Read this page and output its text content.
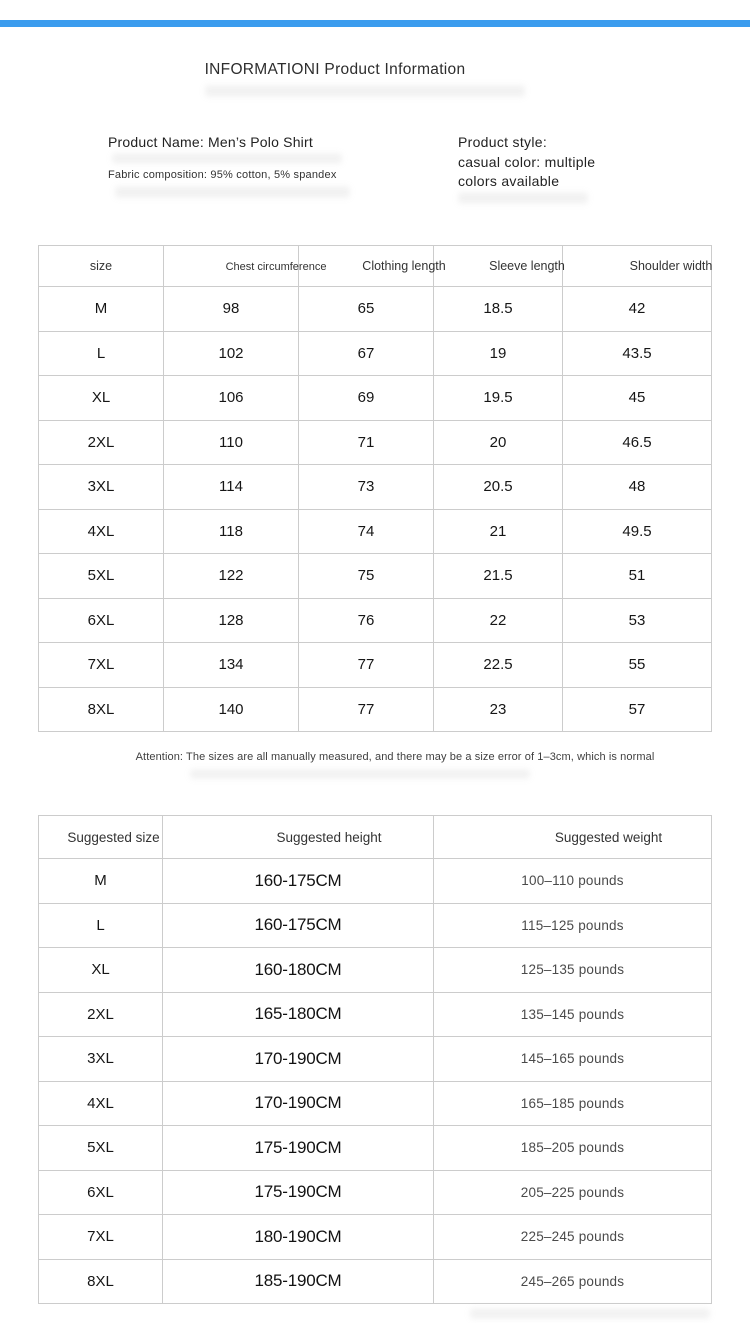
INFORMATIONI Product Information
Product Name: Men’s Polo Shirt
Fabric composition: 95% cotton, 5% spandex
Product style:
casual color: multiple
colors available
size	Chest circumference	Clothing length	Sleeve length	Shoulder width
M	98	65	18.5	42
L	102	67	19	43.5
XL	106	69	19.5	45
2XL	110	71	20	46.5
3XL	114	73	20.5	48
4XL	118	74	21	49.5
5XL	122	75	21.5	51
6XL	128	76	22	53
7XL	134	77	22.5	55
8XL	140	77	23	57
Attention: The sizes are all manually measured, and there may be a size error of 1–3cm, which is normal
Suggested size	Suggested height	Suggested weight
M	160-175CM	100–110 pounds
L	160-175CM	115–125 pounds
XL	160-180CM	125–135 pounds
2XL	165-180CM	135–145 pounds
3XL	170-190CM	145–165 pounds
4XL	170-190CM	165–185 pounds
5XL	175-190CM	185–205 pounds
6XL	175-190CM	205–225 pounds
7XL	180-190CM	225–245 pounds
8XL	185-190CM	245–265 pounds
